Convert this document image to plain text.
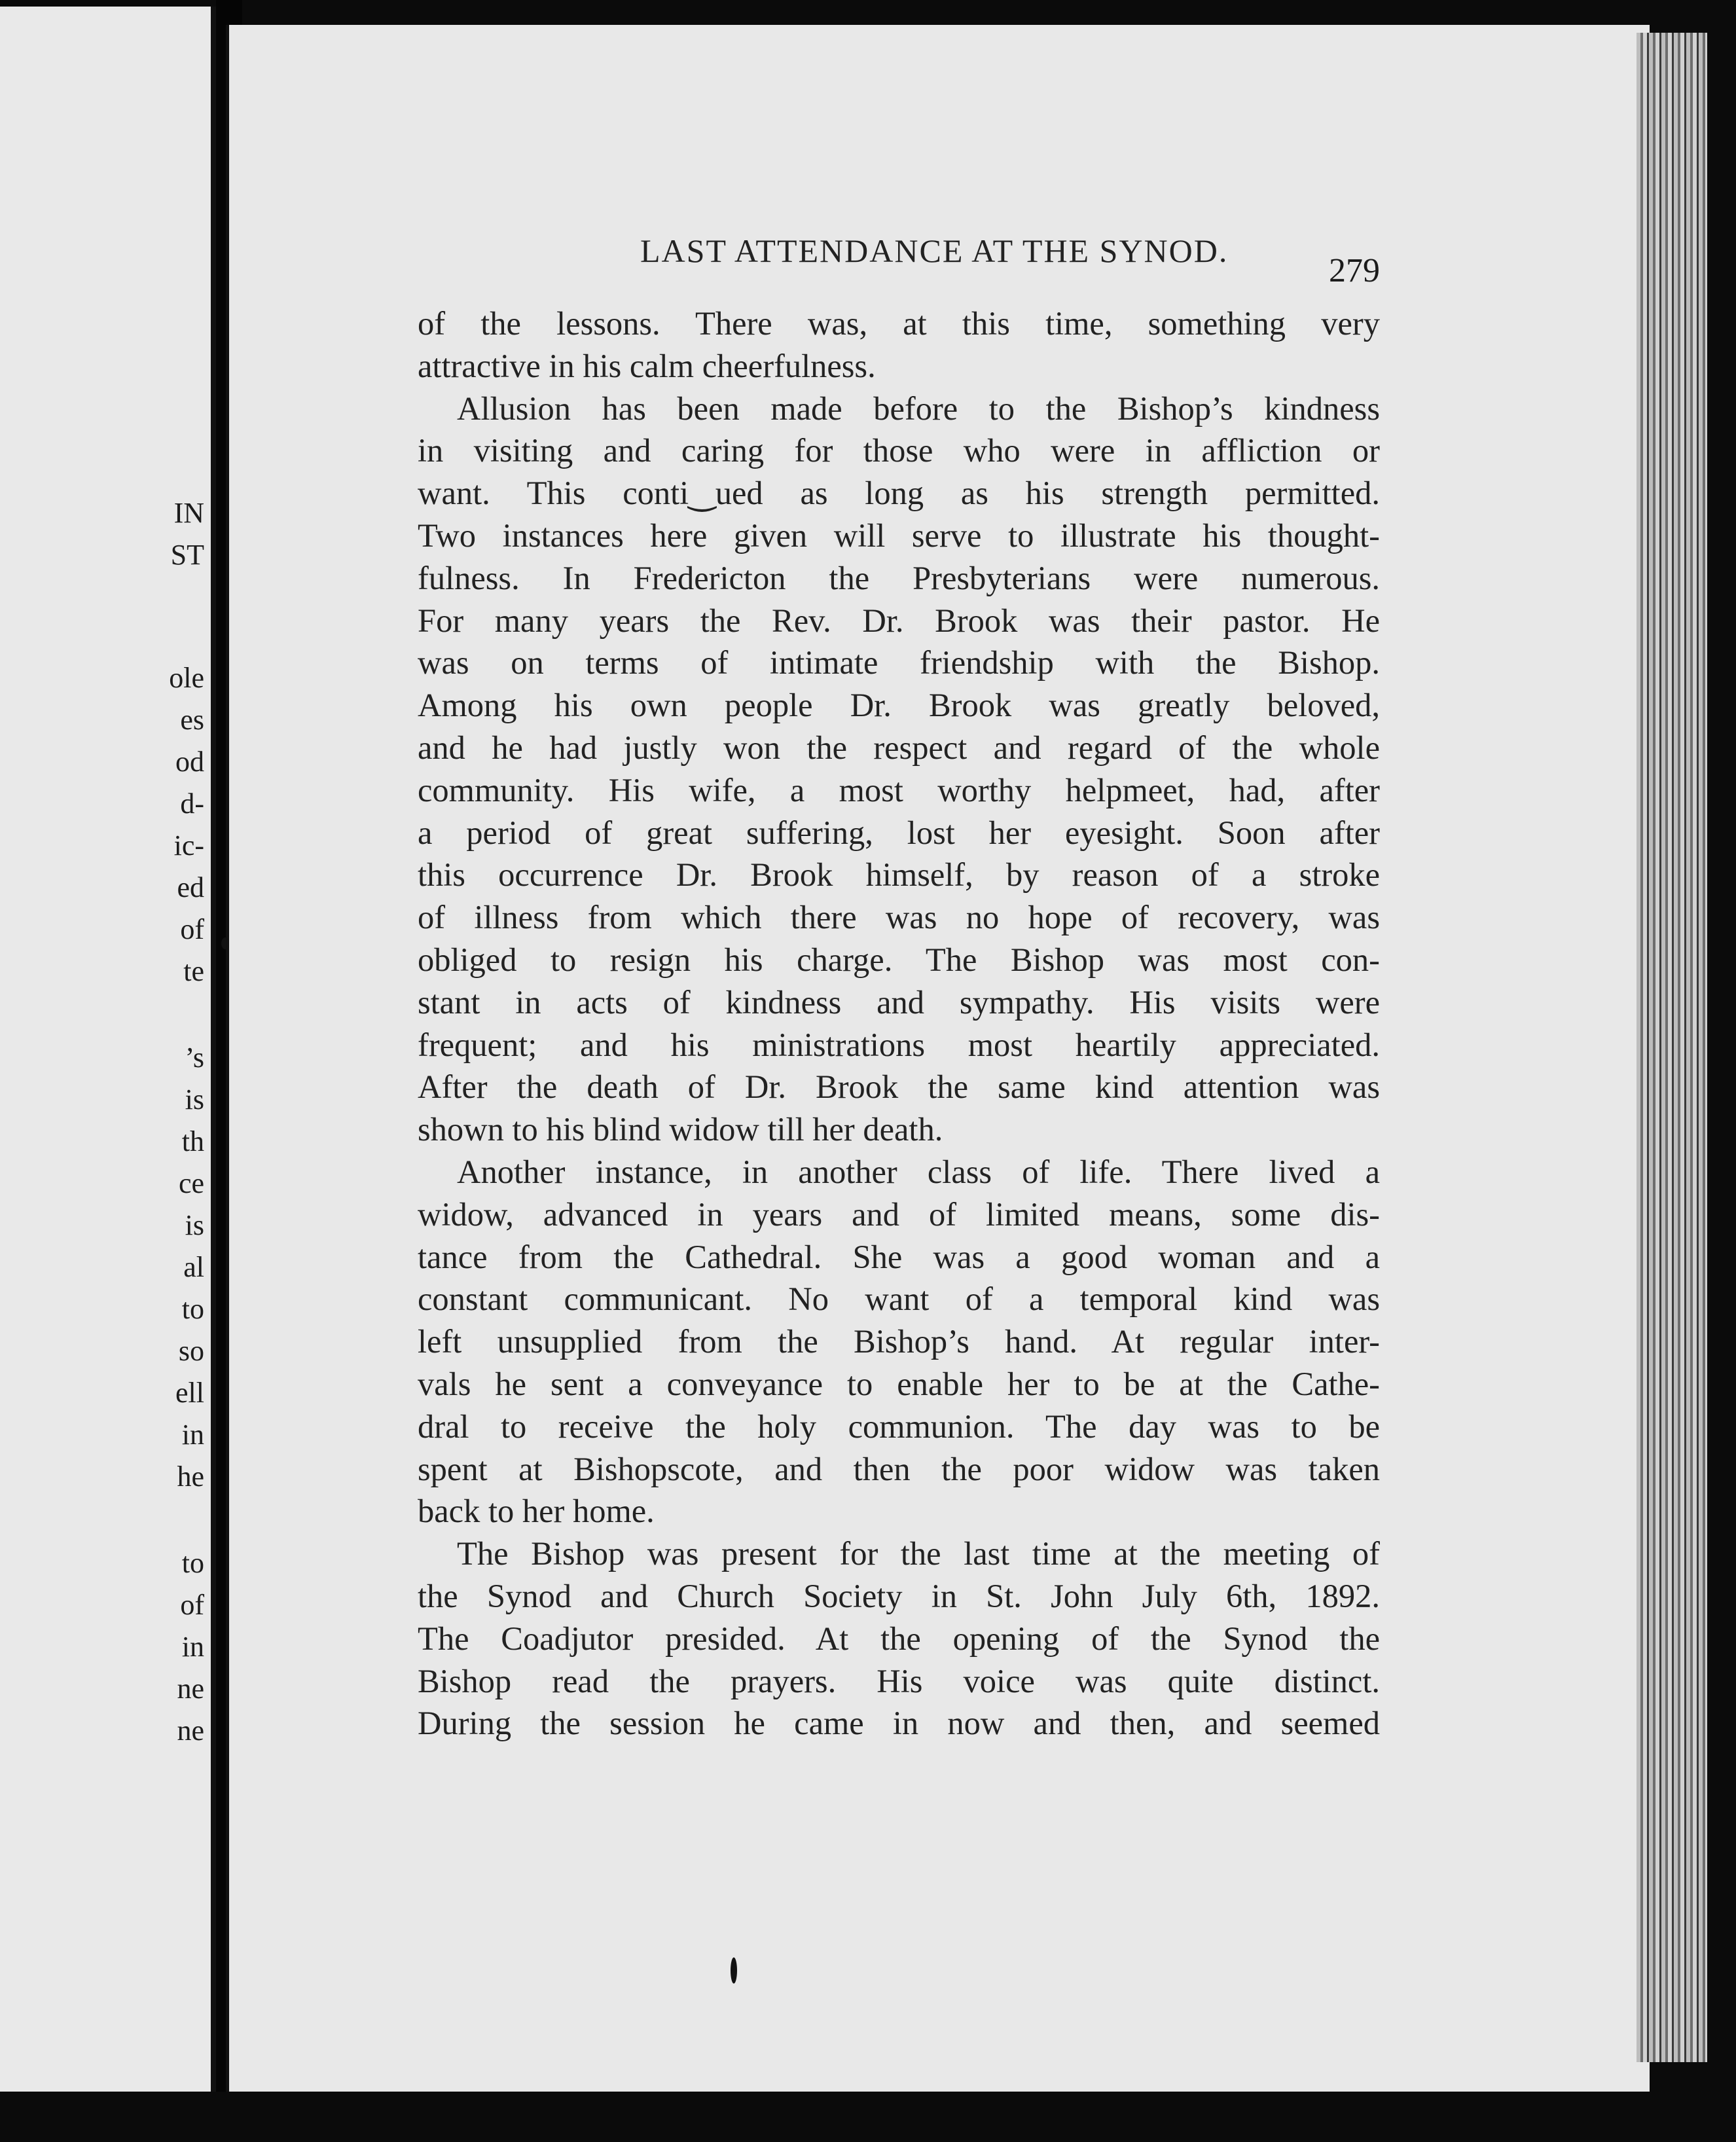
IN
ST
ole
es
od
d-
ic-
ed
of
te
’s
is
th
ce
is
al
to
so
ell
in
he
to
of
in
ne
ne
LAST ATTENDANCE AT THE SYNOD.
279
of the lessons. There was, at this time, something very
attractive in his calm cheerfulness.
Allusion has been made before to the Bishop’s kindness
in visiting and caring for those who were in affliction or
want. This conti‿ued as long as his strength permitted.
Two instances here given will serve to illustrate his thought-
fulness. In Fredericton the Presbyterians were numerous.
For many years the Rev. Dr. Brook was their pastor. He
was on terms of intimate friendship with the Bishop.
Among his own people Dr. Brook was greatly beloved,
and he had justly won the respect and regard of the whole
community. His wife, a most worthy helpmeet, had, after
a period of great suffering, lost her eyesight. Soon after
this occurrence Dr. Brook himself, by reason of a stroke
of illness from which there was no hope of recovery, was
obliged to resign his charge. The Bishop was most con-
stant in acts of kindness and sympathy. His visits were
frequent; and his ministrations most heartily appreciated.
After the death of Dr. Brook the same kind attention was
shown to his blind widow till her death.
Another instance, in another class of life. There lived a
widow, advanced in years and of limited means, some dis-
tance from the Cathedral. She was a good woman and a
constant communicant. No want of a temporal kind was
left unsupplied from the Bishop’s hand. At regular inter-
vals he sent a conveyance to enable her to be at the Cathe-
dral to receive the holy communion. The day was to be
spent at Bishopscote, and then the poor widow was taken
back to her home.
The Bishop was present for the last time at the meeting of
the Synod and Church Society in St. John July 6th, 1892.
The Coadjutor presided. At the opening of the Synod the
Bishop read the prayers. His voice was quite distinct.
During the session he came in now and then, and seemed
